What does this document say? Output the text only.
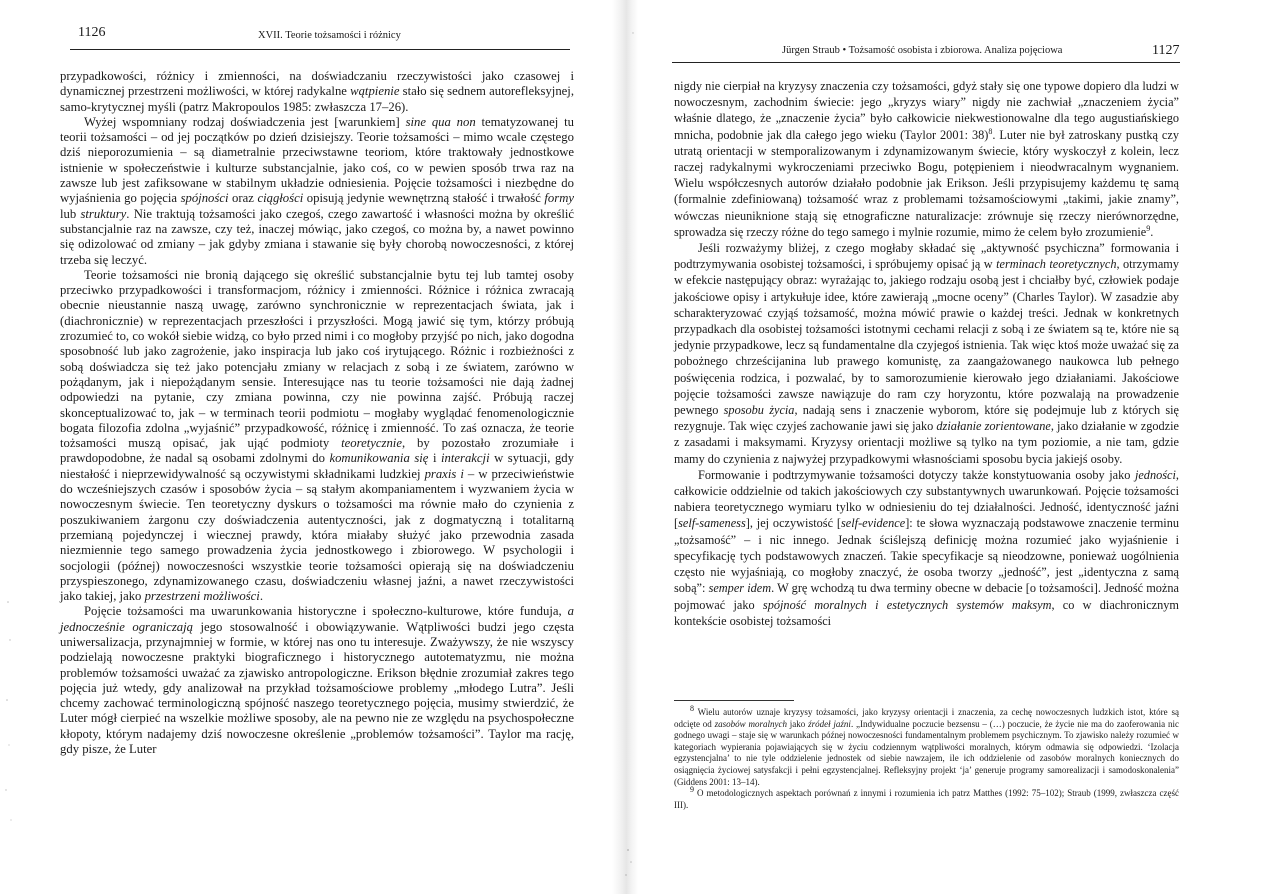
1126	XVII. Teorie tożsamości i różnicy

przypadkowości, różnicy i zmienności, na doświadczaniu rzeczywistości jako czasowej i dynamicznej przestrzeni możliwości, w której radykalne wątpienie stało się sednem autorefleksyjnej, samo-krytycznej myśli (patrz Makropoulos 1985: zwłaszcza 17–26).

Wyżej wspomniany rodzaj doświadczenia jest [warunkiem] sine qua non tematyzowanej tu teorii tożsamości – od jej początków po dzień dzisiejszy. Teorie tożsamości – mimo wcale częstego dziś nieporozumienia – są diametralnie przeciwstawne teoriom, które traktowały jednostkowe istnienie w społeczeństwie i kulturze substancjalnie, jako coś, co w pewien sposób trwa raz na zawsze lub jest zafiksowane w stabilnym układzie odniesienia. Pojęcie tożsamości i niezbędne do wyjaśnienia go pojęcia spójności oraz ciągłości opisują jedynie wewnętrzną stałość i trwałość formy lub struktury. Nie traktują tożsamości jako czegoś, czego zawartość i własności można by określić substancjalnie raz na zawsze, czy też, inaczej mówiąc, jako czegoś, co można by, a nawet powinno się odizolować od zmiany – jak gdyby zmiana i stawanie się były chorobą nowoczesności, z której trzeba się leczyć.

Teorie tożsamości nie bronią dającego się określić substancjalnie bytu tej lub tamtej osoby przeciwko przypadkowości i transformacjom, różnicy i zmienności. Różnice i różnica zwracają obecnie nieustannie naszą uwagę, zarówno synchronicznie w reprezentacjach świata, jak i (diachronicznie) w reprezentacjach przeszłości i przyszłości. Mogą jawić się tym, którzy próbują zrozumieć to, co wokół siebie widzą, co było przed nimi i co mogłoby przyjść po nich, jako dogodna sposobność lub jako zagrożenie, jako inspiracja lub jako coś irytującego. Różnic i rozbieżności z sobą doświadcza się też jako potencjału zmiany w relacjach z sobą i ze światem, zarówno w pożądanym, jak i niepożądanym sensie. Interesujące nas tu teorie tożsamości nie dają żadnej odpowiedzi na pytanie, czy zmiana powinna, czy nie powinna zajść. Próbują raczej skonceptualizować to, jak – w terminach teorii podmiotu – mogłaby wyglądać fenomenologicznie bogata filozofia zdolna „wyjaśnić” przypadkowość, różnicę i zmienność. To zaś oznacza, że teorie tożsamości muszą opisać, jak ująć podmioty teoretycznie, by pozostało zrozumiałe i prawdopodobne, że nadal są osobami zdolnymi do komunikowania się i interakcji w sytuacji, gdy niestałość i nieprzewidywalność są oczywistymi składnikami ludzkiej praxis i – w przeciwieństwie do wcześniejszych czasów i sposobów życia – są stałym akompaniamentem i wyzwaniem życia w nowoczesnym świecie. Ten teoretyczny dyskurs o tożsamości ma równie mało do czynienia z poszukiwaniem żargonu czy doświadczenia autentyczności, jak z dogmatyczną i totalitarną przemianą pojedynczej i wiecznej prawdy, która miałaby służyć jako przewodnia zasada niezmiennie tego samego prowadzenia życia jednostkowego i zbiorowego. W psychologii i socjologii (późnej) nowoczesności wszystkie teorie tożsamości opierają się na doświadczeniu przyspieszonego, zdynamizowanego czasu, doświadczeniu własnej jaźni, a nawet rzeczywistości jako takiej, jako przestrzeni możliwości.

Pojęcie tożsamości ma uwarunkowania historyczne i społeczno-kulturowe, które funduja, a jednocześnie ograniczają jego stosowalność i obowiązywanie. Wątpliwości budzi jego częsta uniwersalizacja, przynajmniej w formie, w której nas ono tu interesuje. Zważywszy, że nie wszyscy podzielają nowoczesne praktyki biograficznego i historycznego autotematyzmu, nie można problemów tożsamości uważać za zjawisko antropologiczne. Erikson błędnie zrozumiał zakres tego pojęcia już wtedy, gdy analizował na przykład tożsamościowe problemy „młodego Lutra”. Jeśli chcemy zachować terminologiczną spójność naszego teoretycznego pojęcia, musimy stwierdzić, że Luter mógł cierpieć na wszelkie możliwe sposoby, ale na pewno nie ze względu na psychospołeczne kłopoty, którym nadajemy dziś nowoczesne określenie „problemów tożsamości”. Taylor ma rację, gdy pisze, że Luter

Jürgen Straub • Tożsamość osobista i zbiorowa. Analiza pojęciowa	1127

nigdy nie cierpiał na kryzysy znaczenia czy tożsamości, gdyż stały się one typowe dopiero dla ludzi w nowoczesnym, zachodnim świecie: jego „kryzys wiary” nigdy nie zachwiał „znaczeniem życia” właśnie dlatego, że „znaczenie życia” było całkowicie niekwestionowalne dla tego augustiańskiego mnicha, podobnie jak dla całego jego wieku (Taylor 2001: 38)$^8$. Luter nie był zatroskany pustką czy utratą orientacji w stemporalizowanym i zdynamizowanym świecie, który wyskoczył z kolein, lecz raczej radykalnymi wykroczeniami przeciwko Bogu, potępieniem i nieodwracalnym wygnaniem. Wielu współczesnych autorów działało podobnie jak Erikson. Jeśli przypisujemy każdemu tę samą (formalnie zdefiniowaną) tożsamość wraz z problemami tożsamościowymi „takimi, jakie znamy”, wówczas nieuniknione stają się etnograficzne naturalizacje: zrównuje się rzeczy nierównorzędne, sprowadza się rzeczy różne do tego samego i mylnie rozumie, mimo że celem było zrozumienie$^9$.

Jeśli rozważymy bliżej, z czego mogłaby składać się „aktywność psychiczna” formowania i podtrzymywania osobistej tożsamości, i spróbujemy opisać ją w terminach teoretycznych, otrzymamy w efekcie następujący obraz: wyrażając to, jakiego rodzaju osobą jest i chciałby być, człowiek podaje jakościowe opisy i artykułuje idee, które zawierają „mocne oceny” (Charles Taylor). W zasadzie aby scharakteryzować czyjąś tożsamość, można mówić prawie o każdej treści. Jednak w konkretnych przypadkach dla osobistej tożsamości istotnymi cechami relacji z sobą i ze światem są te, które nie są jedynie przypadkowe, lecz są fundamentalne dla czyjegoś istnienia. Tak więc ktoś może uważać się za pobożnego chrześcijanina lub prawego komunistę, za zaangażowanego naukowca lub pełnego poświęcenia rodzica, i pozwalać, by to samorozumienie kierowało jego działaniami. Jakościowe pojęcie tożsamości zawsze nawiązuje do ram czy horyzontu, które pozwalają na prowadzenie pewnego sposobu życia, nadają sens i znaczenie wyborom, które się podejmuje lub z których się rezygnuje. Tak więc czyjeś zachowanie jawi się jako działanie zorientowane, jako działanie w zgodzie z zasadami i maksymami. Kryzysy orientacji możliwe są tylko na tym poziomie, a nie tam, gdzie mamy do czynienia z najwyżej przypadkowymi własnościami sposobu bycia jakiejś osoby.

Formowanie i podtrzymywanie tożsamości dotyczy także konstytuowania osoby jako jedności, całkowicie oddzielnie od takich jakościowych czy substantywnych uwarunkowań. Pojęcie tożsamości nabiera teoretycznego wymiaru tylko w odniesieniu do tej działalności. Jedność, identyczność jaźni [self-sameness], jej oczywistość [self-evidence]: te słowa wyznaczają podstawowe znaczenie terminu „tożsamość” – i nic innego. Jednak ściślejszą definicję można rozumieć jako wyjaśnienie i specyfikację tych podstawowych znaczeń. Takie specyfikacje są nieodzowne, ponieważ uogólnienia często nie wyjaśniają, co mogłoby znaczyć, że osoba tworzy „jedność”, jest „identyczna z samą sobą”: semper idem. W grę wchodzą tu dwa terminy obecne w debacie [o tożsamości]. Jedność można pojmować jako spójność moralnych i estetycznych systemów maksym, co w diachronicznym kontekście osobistej tożsamości

$^8$ Wielu autorów uznaje kryzysy tożsamości, jako kryzysy orientacji i znaczenia, za cechę nowoczesnych ludzkich istot, które są odcięte od zasobów moralnych jako źródeł jaźni. „Indywidualne poczucie bezsensu – (…) poczucie, że życie nie ma do zaoferowania nic godnego uwagi – staje się w warunkach późnej nowoczesności fundamentalnym problemem psychicznym. To zjawisko należy rozumieć w kategoriach wypierania pojawiających się w życiu codziennym wątpliwości moralnych, którym odmawia się odpowiedzi. ‘Izolacja egzystencjalna’ to nie tyle oddzielenie jednostek od siebie nawzajem, ile ich oddzielenie od zasobów moralnych koniecznych do osiągnięcia życiowej satysfakcji i pełni egzystencjalnej. Refleksyjny projekt ‘ja’ generuje programy samorealizacji i samodoskonalenia” (Giddens 2001: 13–14).

$^9$ O metodologicznych aspektach porównań z innymi i rozumienia ich patrz Matthes (1992: 75–102); Straub (1999, zwłaszcza część III).
